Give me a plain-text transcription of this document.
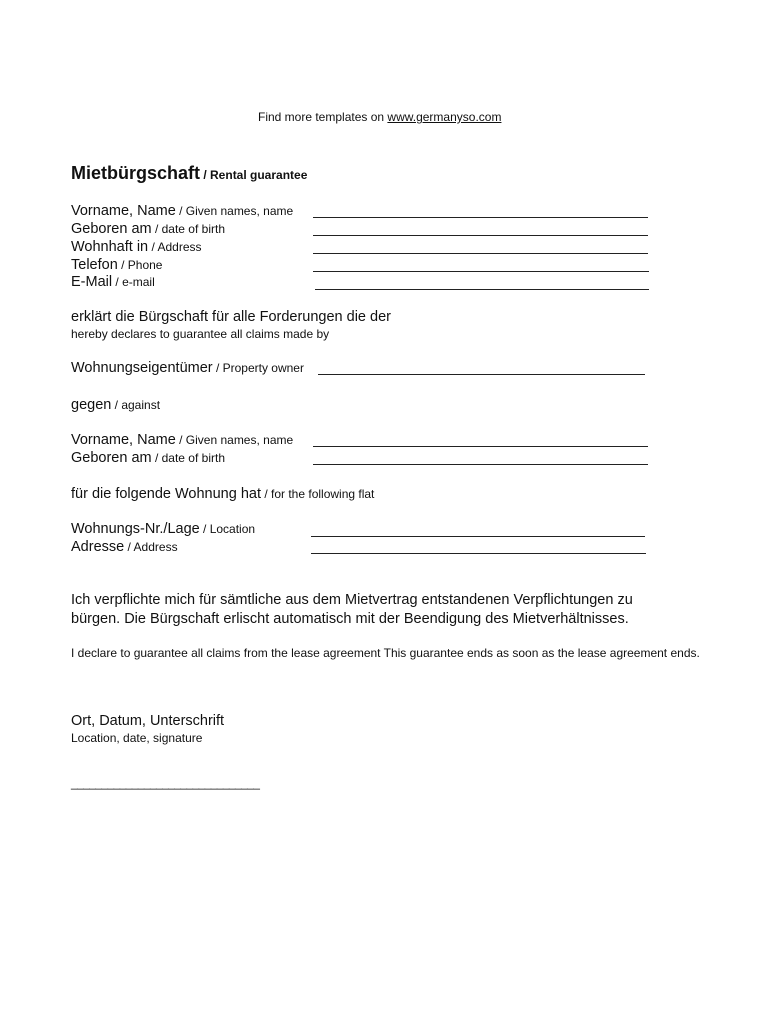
Find more templates on www.germanyso.com
Mietbürgschaft / Rental guarantee
Vorname, Name / Given names, name
Geboren am / date of birth
Wohnhaft in / Address
Telefon / Phone
E-Mail / e-mail
erklärt die Bürgschaft für alle Forderungen die der
hereby declares to guarantee all claims made by
Wohnungseigentümer / Property owner
gegen / against
Vorname, Name / Given names, name
Geboren am / date of birth
für die folgende Wohnung hat / for the following flat
Wohnungs-Nr./Lage / Location
Adresse / Address
Ich verpflichte mich für sämtliche aus dem Mietvertrag entstandenen Verpflichtungen zu bürgen. Die Bürgschaft erlischt automatisch mit der Beendigung des Mietverhältnisses.
I declare to guarantee all claims from the lease agreement This guarantee ends as soon as the lease agreement ends.
Ort, Datum, Unterschrift
Location, date, signature
_______________________________
